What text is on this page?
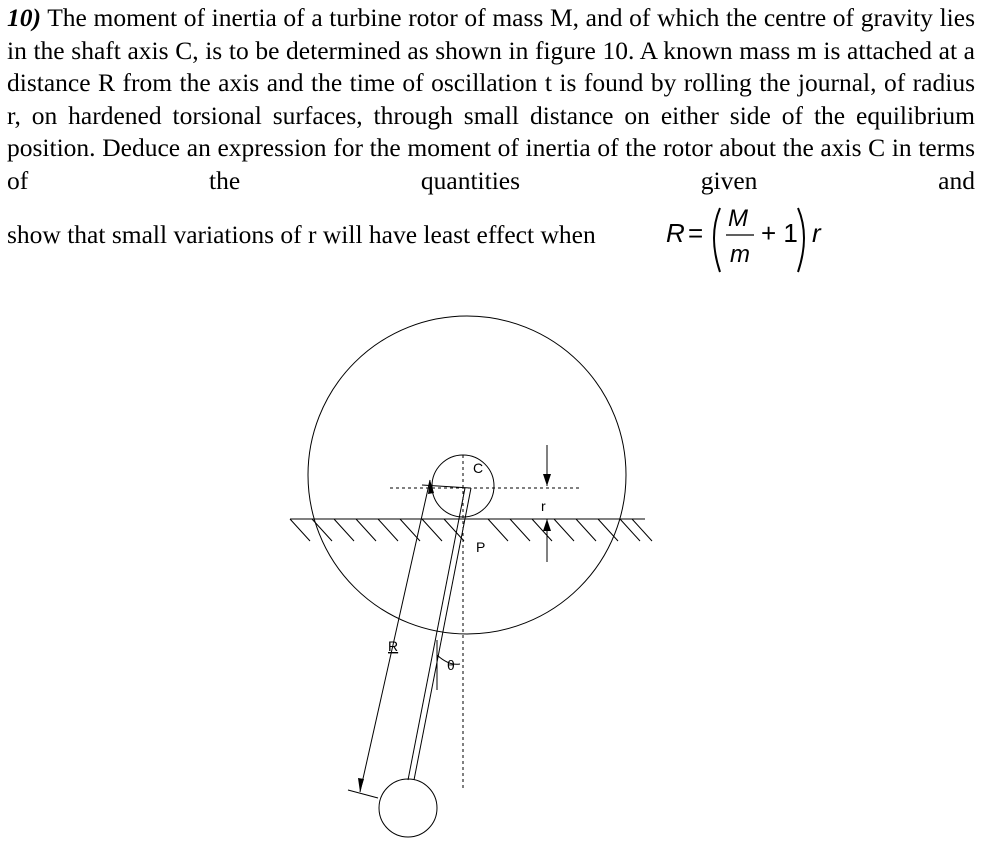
10) The moment of inertia of a turbine rotor of mass M, and of which the centre of gravity lies in the shaft axis C, is to be determined as shown in figure 10. A known mass m is attached at a distance R from the axis and the time of oscillation t is found by rolling the journal, of radius r, on hardened torsional surfaces, through small distance on either side of the equilibrium position. Deduce an expression for the moment of inertia of the rotor about the axis C in terms of the quantities given and

show that small variations of r will have least effect when	R = M
m
+ 1 r
C
r
P
R
θ
